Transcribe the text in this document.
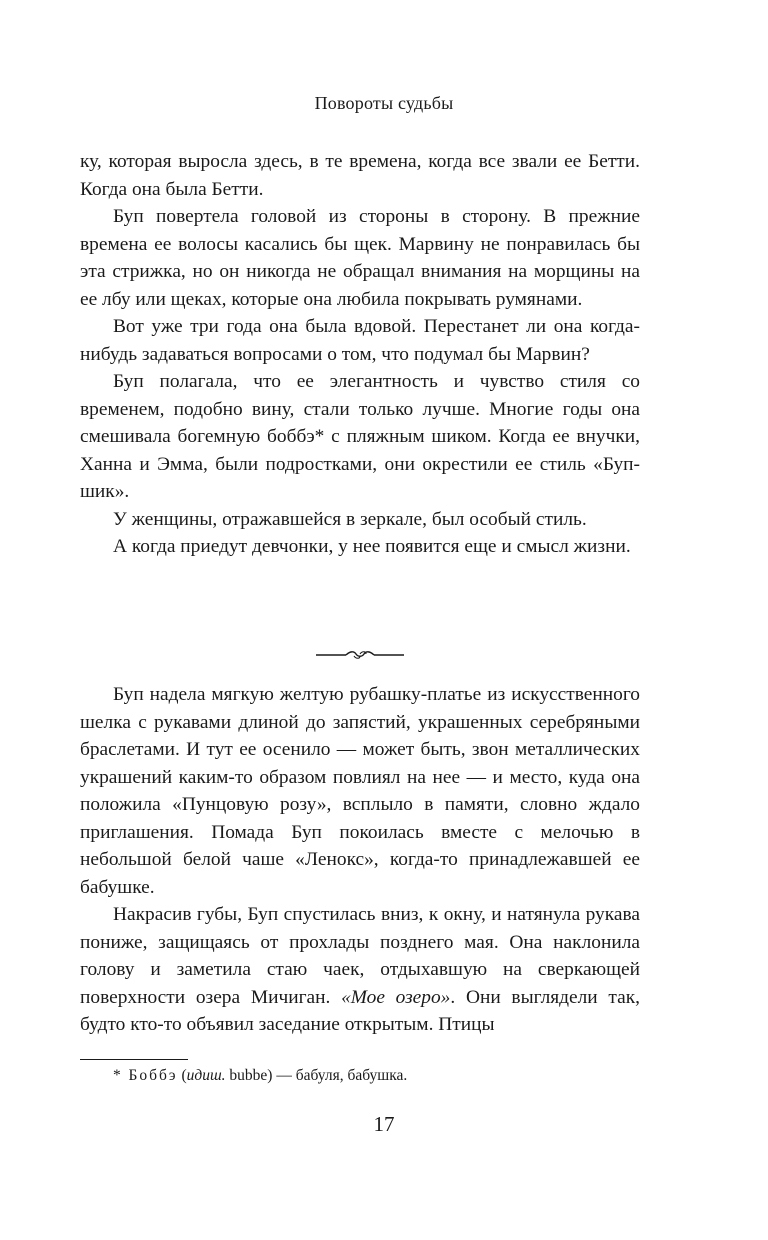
Повороты судьбы

ку, которая выросла здесь, в те времена, когда все звали ее Бетти. Когда она была Бетти.

Буп повертела головой из стороны в сторону. В прежние времена ее волосы касались бы щек. Марвину не понравилась бы эта стрижка, но он никогда не обращал внимания на морщины на ее лбу или щеках, которые она любила покрывать румянами.

Вот уже три года она была вдовой. Перестанет ли она когда-нибудь задаваться вопросами о том, что подумал бы Марвин?

Буп полагала, что ее элегантность и чувство стиля со временем, подобно вину, стали только лучше. Многие годы она смешивала богемную боббэ* с пляжным шиком. Когда ее внучки, Ханна и Эмма, были подростками, они окрестили ее стиль «Буп-шик».

У женщины, отражавшейся в зеркале, был особый стиль.

А когда приедут девчонки, у нее появится еще и смысл жизни.

Буп надела мягкую желтую рубашку-платье из искусственного шелка с рукавами длиной до запястий, украшенных серебряными браслетами. И тут ее осенило — может быть, звон металлических украшений каким-то образом повлиял на нее — и место, куда она положила «Пунцовую розу», всплыло в памяти, словно ждало приглашения. Помада Буп покоилась вместе с мелочью в небольшой белой чаше «Ленокс», когда-то принадлежавшей ее бабушке.

Накрасив губы, Буп спустилась вниз, к окну, и натянула рукава пониже, защищаясь от прохлады позднего мая. Она наклонила голову и заметила стаю чаек, отдыхавшую на сверкающей поверхности озера Мичиган. «Мое озеро». Они выглядели так, будто кто-то объявил заседание открытым. Птицы

* Боббэ (идиш. bubbe) — бабуля, бабушка.
17
